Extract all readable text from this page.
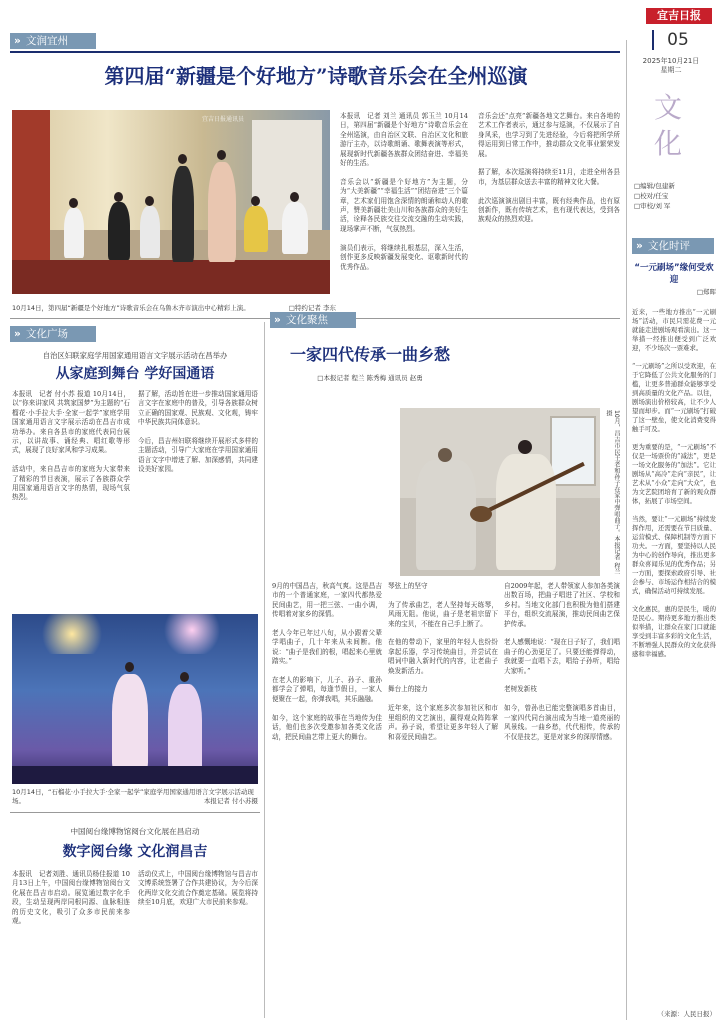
» 文润宜州
宜吉日报
05
2025年10月21日
星期二
第四届“新疆是个好地方”诗歌音乐会在全州巡演
宜吉日报通讯员
10月14日，第四届“新疆是个好地方”诗歌音乐会在乌鲁木齐市演出中心精彩上演。	□特约记者 李东
本报讯　记者 刘兰 通讯员 郭玉兰 10月14日，第四届“新疆是个好地方”诗歌音乐会在全州巡演，由自治区文联、自治区文化和旅游厅主办，以诗歌朗诵、歌舞表演等形式，展现新时代新疆各族群众团结奋进、幸福美好的生活。

音乐会以“新疆是个好地方”为主题，分为“大美新疆”“幸福生活”“团结奋进”三个篇章，艺术家们用饱含深情的朗诵和动人的歌声，赞美新疆壮美山川和各族群众的美好生活，诠释各民族交往交流交融的生动实践，现场掌声不断，气氛热烈。

演员们表示，将继续扎根基层，深入生活，创作更多反映新疆发展变化、讴歌新时代的优秀作品。
音乐会还“点亮”新疆各地文艺舞台。来自各地的艺术工作者表示，通过参与巡演，不仅展示了自身风采，也学习到了先进经验，今后将把所学所得运用到日常工作中，推动群众文化事业繁荣发展。

据了解，本次巡演将持续至11月，走进全州各县市，为基层群众送去丰富的精神文化大餐。

此次巡演演出剧目丰富，既有经典作品，也有原创新作，既有传统艺术，也有现代表达，受到各族观众的热烈欢迎。
文化
□编辑/包建新
□校对/任宝
□审校/刘 军
» 文化时评
“一元刷场”缘何受欢迎
□郑晖
近来，一些地方推出“一元刷场”活动，市民只需花费一元就能走进剧场观看演出。这一举措一经推出便受到广泛欢迎，不少场次一票难求。

“一元刷场”之所以受欢迎，在于它降低了公共文化服务的门槛，让更多普通群众能够享受到高质量的文化产品。以往，剧场演出价格较高，让不少人望而却步。而“一元刷场”打破了这一壁垒，使文化消费变得触手可及。

更为重要的是，“一元刷场”不仅是一场票价的“减法”，更是一场文化服务的“加法”。它让剧场从“高冷”走向“亲民”，让艺术从“小众”走向“大众”，也为文艺院团培育了新的观众群体，拓展了市场空间。

当然，要让“一元刷场”持续发挥作用，还需要在节目质量、运营模式、保障机制等方面下功夫。一方面，要坚持以人民为中心的创作导向，推出更多群众喜闻乐见的优秀作品；另一方面，要探索政府引导、社会参与、市场运作相结合的模式，确保活动可持续发展。

文化惠民，惠的是民生，暖的是民心。期待更多地方推出类似举措，让群众在家门口就能享受到丰富多彩的文化生活，不断增强人民群众的文化获得感和幸福感。
（来源：人民日报）
» 文化广场
自治区妇联家庭学用国家通用语言文字展示活动在昌举办
从家庭到舞台 学好国通语
本报讯　记者 付小苏 报道 10月14日，以“你来讲家风 共筑家国梦”为主题的“石榴花·小手拉大手·全家一起学”家庭学用国家通用语言文字展示活动在昌吉市成功举办。来自各县市的家庭代表同台展示，以讲故事、诵经典、唱红歌等形式，展现了良好家风和学习成果。

活动中，来自昌吉市的家庭为大家带来了精彩的节目表演，展示了各族群众学用国家通用语言文字的热情，现场气氛热烈。
据了解，活动旨在进一步推动国家通用语言文字在家庭中的普及，引导各族群众树立正确的国家观、民族观、文化观，铸牢中华民族共同体意识。

今后，昌吉州妇联将继续开展形式多样的主题活动，引导广大家庭在学用国家通用语言文字中增进了解、加深感情，共同建设美好家园。
10月14日，“石榴花·小手拉大手·全家一起学”家庭学用国家通用语言文字展示活动现场。	本报记者 付小苏摄
中国阅台缘博物馆阅台文化展在昌启动
数字阅台缘 文化润昌吉
本报讯　记者刘胜、通讯员杨佳报道 10月13日上午，中国阅台缘博物馆阅台文化展在昌吉市启动。展览通过数字化手段，生动呈现两岸同根同源、血脉相连的历史文化，吸引了众多市民前来参观。
活动仪式上，中国阅台缘博物馆与昌吉市文博系统签署了合作共建协议，为今后深化两岸文化交流合作奠定基础。展览将持续至10月底，欢迎广大市民前来参观。
» 文化聚焦
一家四代传承一曲乡愁
□本报记者 程兰 陈秀梅 通讯员 赵勇
10月，昌吉市民王老和孙子在家中弹唱曲子。本报记者 程兰摄
9月的中国昌吉，秋高气爽。这是昌吉市的一个普通家庭，一家四代都热爱民间曲艺，用一把三弦、一曲小调，传唱着对家乡的深情。

老人今年已年过八旬，从小跟着父辈学唱曲子，几十年来从未间断。他说：“曲子是我们的根，唱起来心里就踏实。”

在老人的影响下，儿子、孙子、重孙都学会了弹唱，每逢节假日，一家人便聚在一起，你弹我唱，其乐融融。

如今，这个家庭的故事在当地传为佳话，他们也多次受邀参加各类文化活动，把民间曲艺带上更大的舞台。
琴弦上的坚守

为了传承曲艺，老人坚持每天练琴，风雨无阻。他说，曲子是老祖宗留下来的宝贝，不能在自己手上断了。

在他的带动下，家里的年轻人也纷纷拿起乐器，学习传统曲目，并尝试在唱词中融入新时代的内容，让老曲子焕发新活力。

舞台上的接力

近年来，这个家庭多次参加社区和市里组织的文艺演出，赢得观众阵阵掌声。孙子说，希望让更多年轻人了解和喜爱民间曲艺。
自2009年起，老人带领家人参加各类演出数百场，把曲子唱进了社区、学校和乡村。当地文化部门也积极为他们搭建平台，组织交流展演，推动民间曲艺保护传承。

老人感慨地说：“现在日子好了，我们唱曲子的心劲更足了。只要还能弹得动，我就要一直唱下去，唱给子孙听，唱给大家听。”

老树发新枝

如今，曾孙也已能完整演唱多首曲目，一家四代同台演出成为当地一道亮丽的风景线。一曲乡愁，代代相传，传承的不仅是技艺，更是对家乡的深厚情感。
